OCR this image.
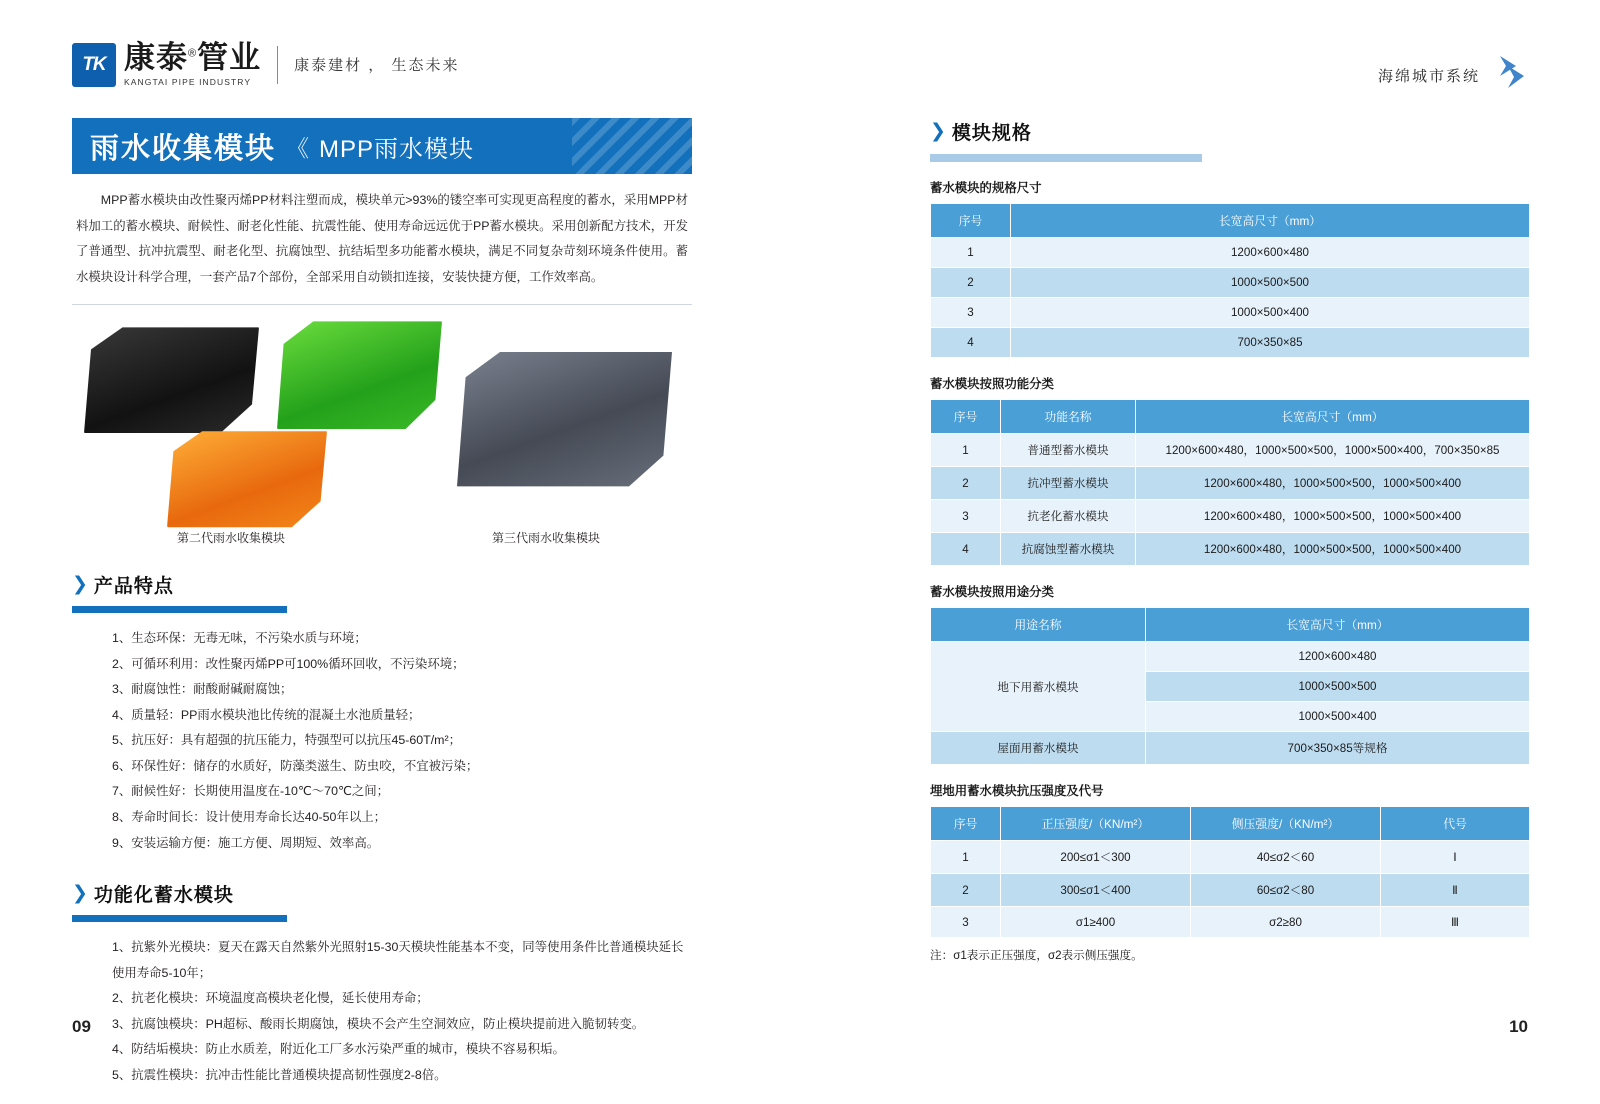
TK 康泰®管业
KANGTAI PIPE INDUSTRY
康泰建材 ， 生态未来
海绵城市系统
雨水收集模块 《 MPP雨水模块

MPP蓄水模块由改性聚丙烯PP材料注塑而成，模块单元>93%的镂空率可实现更高程度的蓄水，采用MPP材料加工的蓄水模块、耐候性、耐老化性能、抗震性能、使用寿命远远优于PP蓄水模块。采用创新配方技术，开发了普通型、抗冲抗震型、耐老化型、抗腐蚀型、抗结垢型多功能蓄水模块，满足不同复杂苛刻环境条件使用。蓄水模块设计科学合理，一套产品7个部份，全部采用自动锁扣连接，安装快捷方便，工作效率高。

第二代雨水收集模块	第三代雨水收集模块
❯ 产品特点
1、生态环保：无毒无味，不污染水质与环境；
2、可循环利用：改性聚丙烯PP可100%循环回收，不污染环境；
3、耐腐蚀性：耐酸耐碱耐腐蚀；
4、质量轻：PP雨水模块池比传统的混凝土水池质量轻；
5、抗压好：具有超强的抗压能力，特强型可以抗压45-60T/m²；
6、环保性好：储存的水质好，防藻类滋生、防虫咬，不宜被污染；
7、耐候性好：长期使用温度在-10℃～70℃之间；
8、寿命时间长：设计使用寿命长达40-50年以上；
9、安装运输方便：施工方便、周期短、效率高。
❯ 功能化蓄水模块
1、抗紫外光模块：夏天在露天自然紫外光照射15-30天模块性能基本不变，同等使用条件比普通模块延长使用寿命5-10年；
2、抗老化模块：环境温度高模块老化慢，延长使用寿命；
3、抗腐蚀模块：PH超标、酸雨长期腐蚀，模块不会产生空洞效应，防止模块提前进入脆韧转变。
4、防结垢模块：防止水质差，附近化工厂多水污染严重的城市，模块不容易积垢。
5、抗震性模块：抗冲击性能比普通模块提高韧性强度2-8倍。
09
❯ 模块规格
蓄水模块的规格尺寸
序号	长宽高尺寸（mm）
1	1200×600×480
2	1000×500×500
3	1000×500×400
4	700×350×85
蓄水模块按照功能分类
序号	功能名称	长宽高尺寸（mm）
1	普通型蓄水模块	1200×600×480，1000×500×500，1000×500×400，700×350×85
2	抗冲型蓄水模块	1200×600×480，1000×500×500，1000×500×400
3	抗老化蓄水模块	1200×600×480，1000×500×500，1000×500×400
4	抗腐蚀型蓄水模块	1200×600×480，1000×500×500，1000×500×400
蓄水模块按照用途分类
用途名称	长宽高尺寸（mm）
地下用蓄水模块	1200×600×480
	1000×500×500
	1000×500×400
屋面用蓄水模块	700×350×85等规格
埋地用蓄水模块抗压强度及代号
序号	正压强度/（KN/m²）	侧压强度/（KN/m²）	代号
1	200≤σ1＜300	40≤σ2＜60	Ⅰ
2	300≤σ1＜400	60≤σ2＜80	Ⅱ
3	σ1≥400	σ2≥80	Ⅲ
注：σ1表示正压强度，σ2表示侧压强度。
10
